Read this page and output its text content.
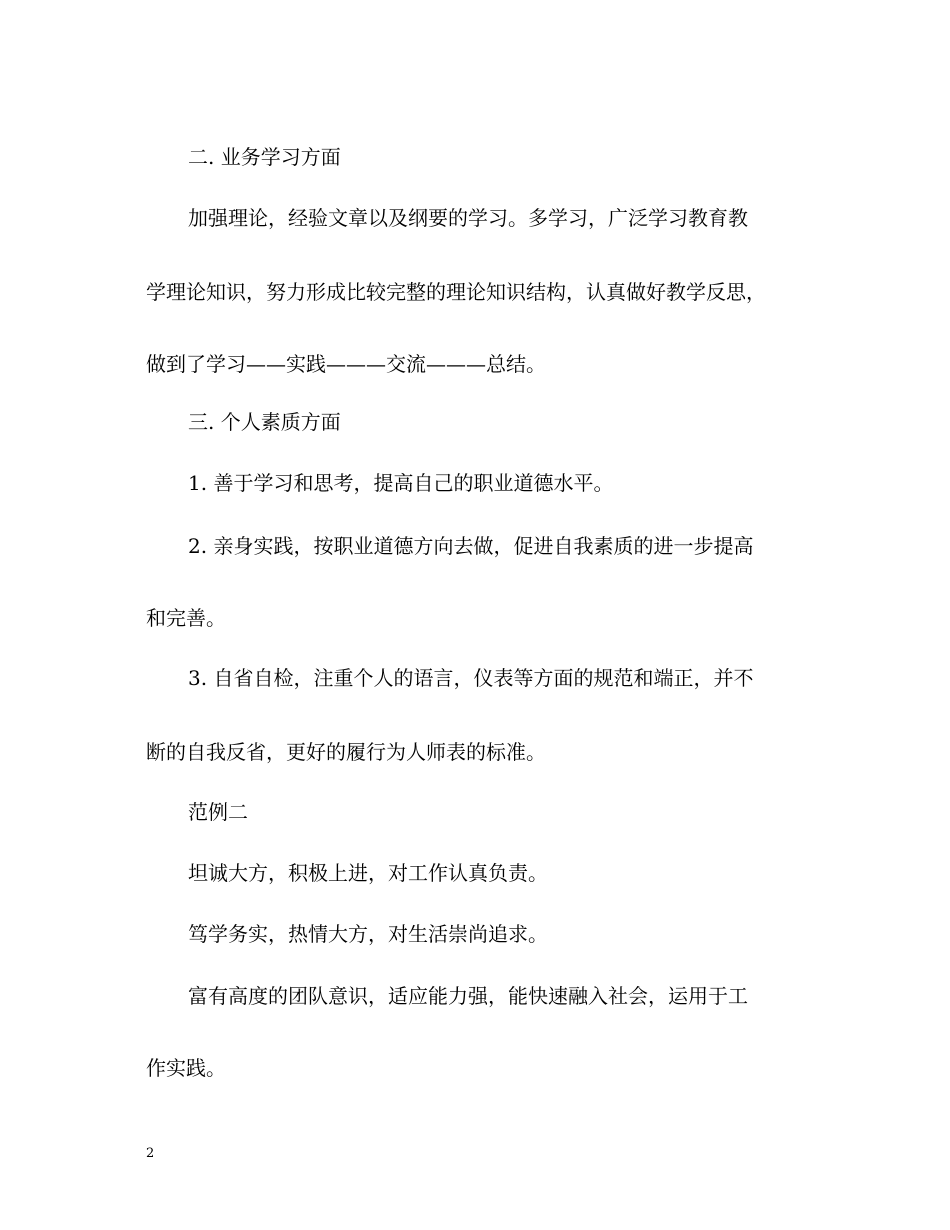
二. 业务学习方面
加强理论，经验文章以及纲要的学习。多学习，广泛学习教育教
学理论知识，努力形成比较完整的理论知识结构，认真做好教学反思，
做到了学习——实践———交流———总结。
三. 个人素质方面
1. 善于学习和思考，提高自己的职业道德水平。
2. 亲身实践，按职业道德方向去做，促进自我素质的进一步提高
和完善。
3. 自省自检，注重个人的语言，仪表等方面的规范和端正，并不
断的自我反省，更好的履行为人师表的标准。
范例二
坦诚大方，积极上进，对工作认真负责。
笃学务实，热情大方，对生活崇尚追求。
富有高度的团队意识，适应能力强，能快速融入社会，运用于工
作实践。
2
